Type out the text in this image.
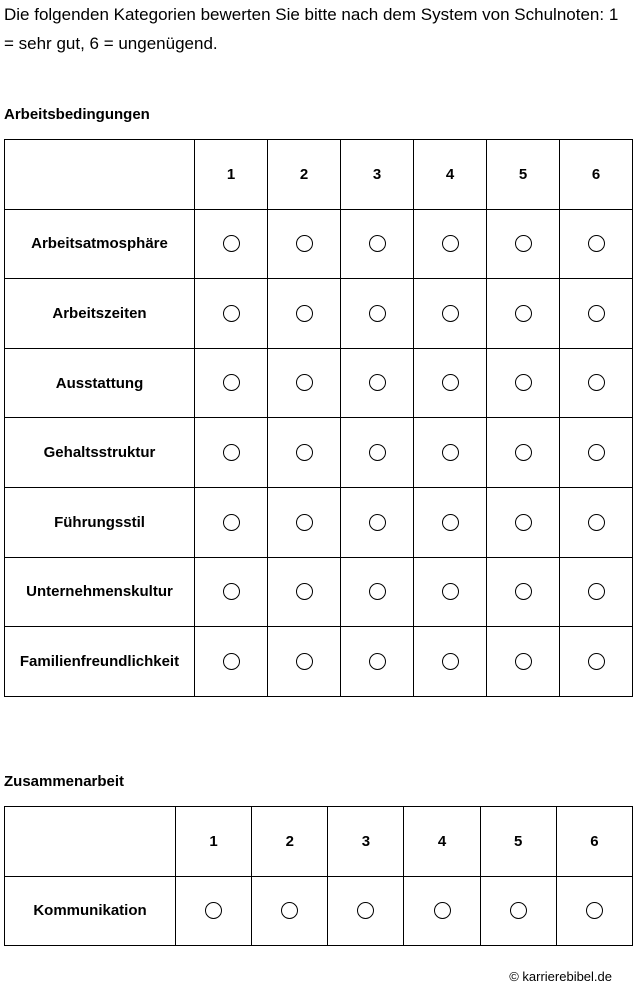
Die folgenden Kategorien bewerten Sie bitte nach dem System von Schulnoten: 1 = sehr gut, 6 = ungenügend.

Arbeitsbedingungen

	1	2	3	4	5	6
Arbeitsatmosphäre						
Arbeitszeiten						
Ausstattung						
Gehaltsstruktur						
Führungsstil						
Unternehmenskultur						
Familienfreundlichkeit						

Zusammenarbeit

	1	2	3	4	5	6
Kommunikation						

© karrierebibel.de
